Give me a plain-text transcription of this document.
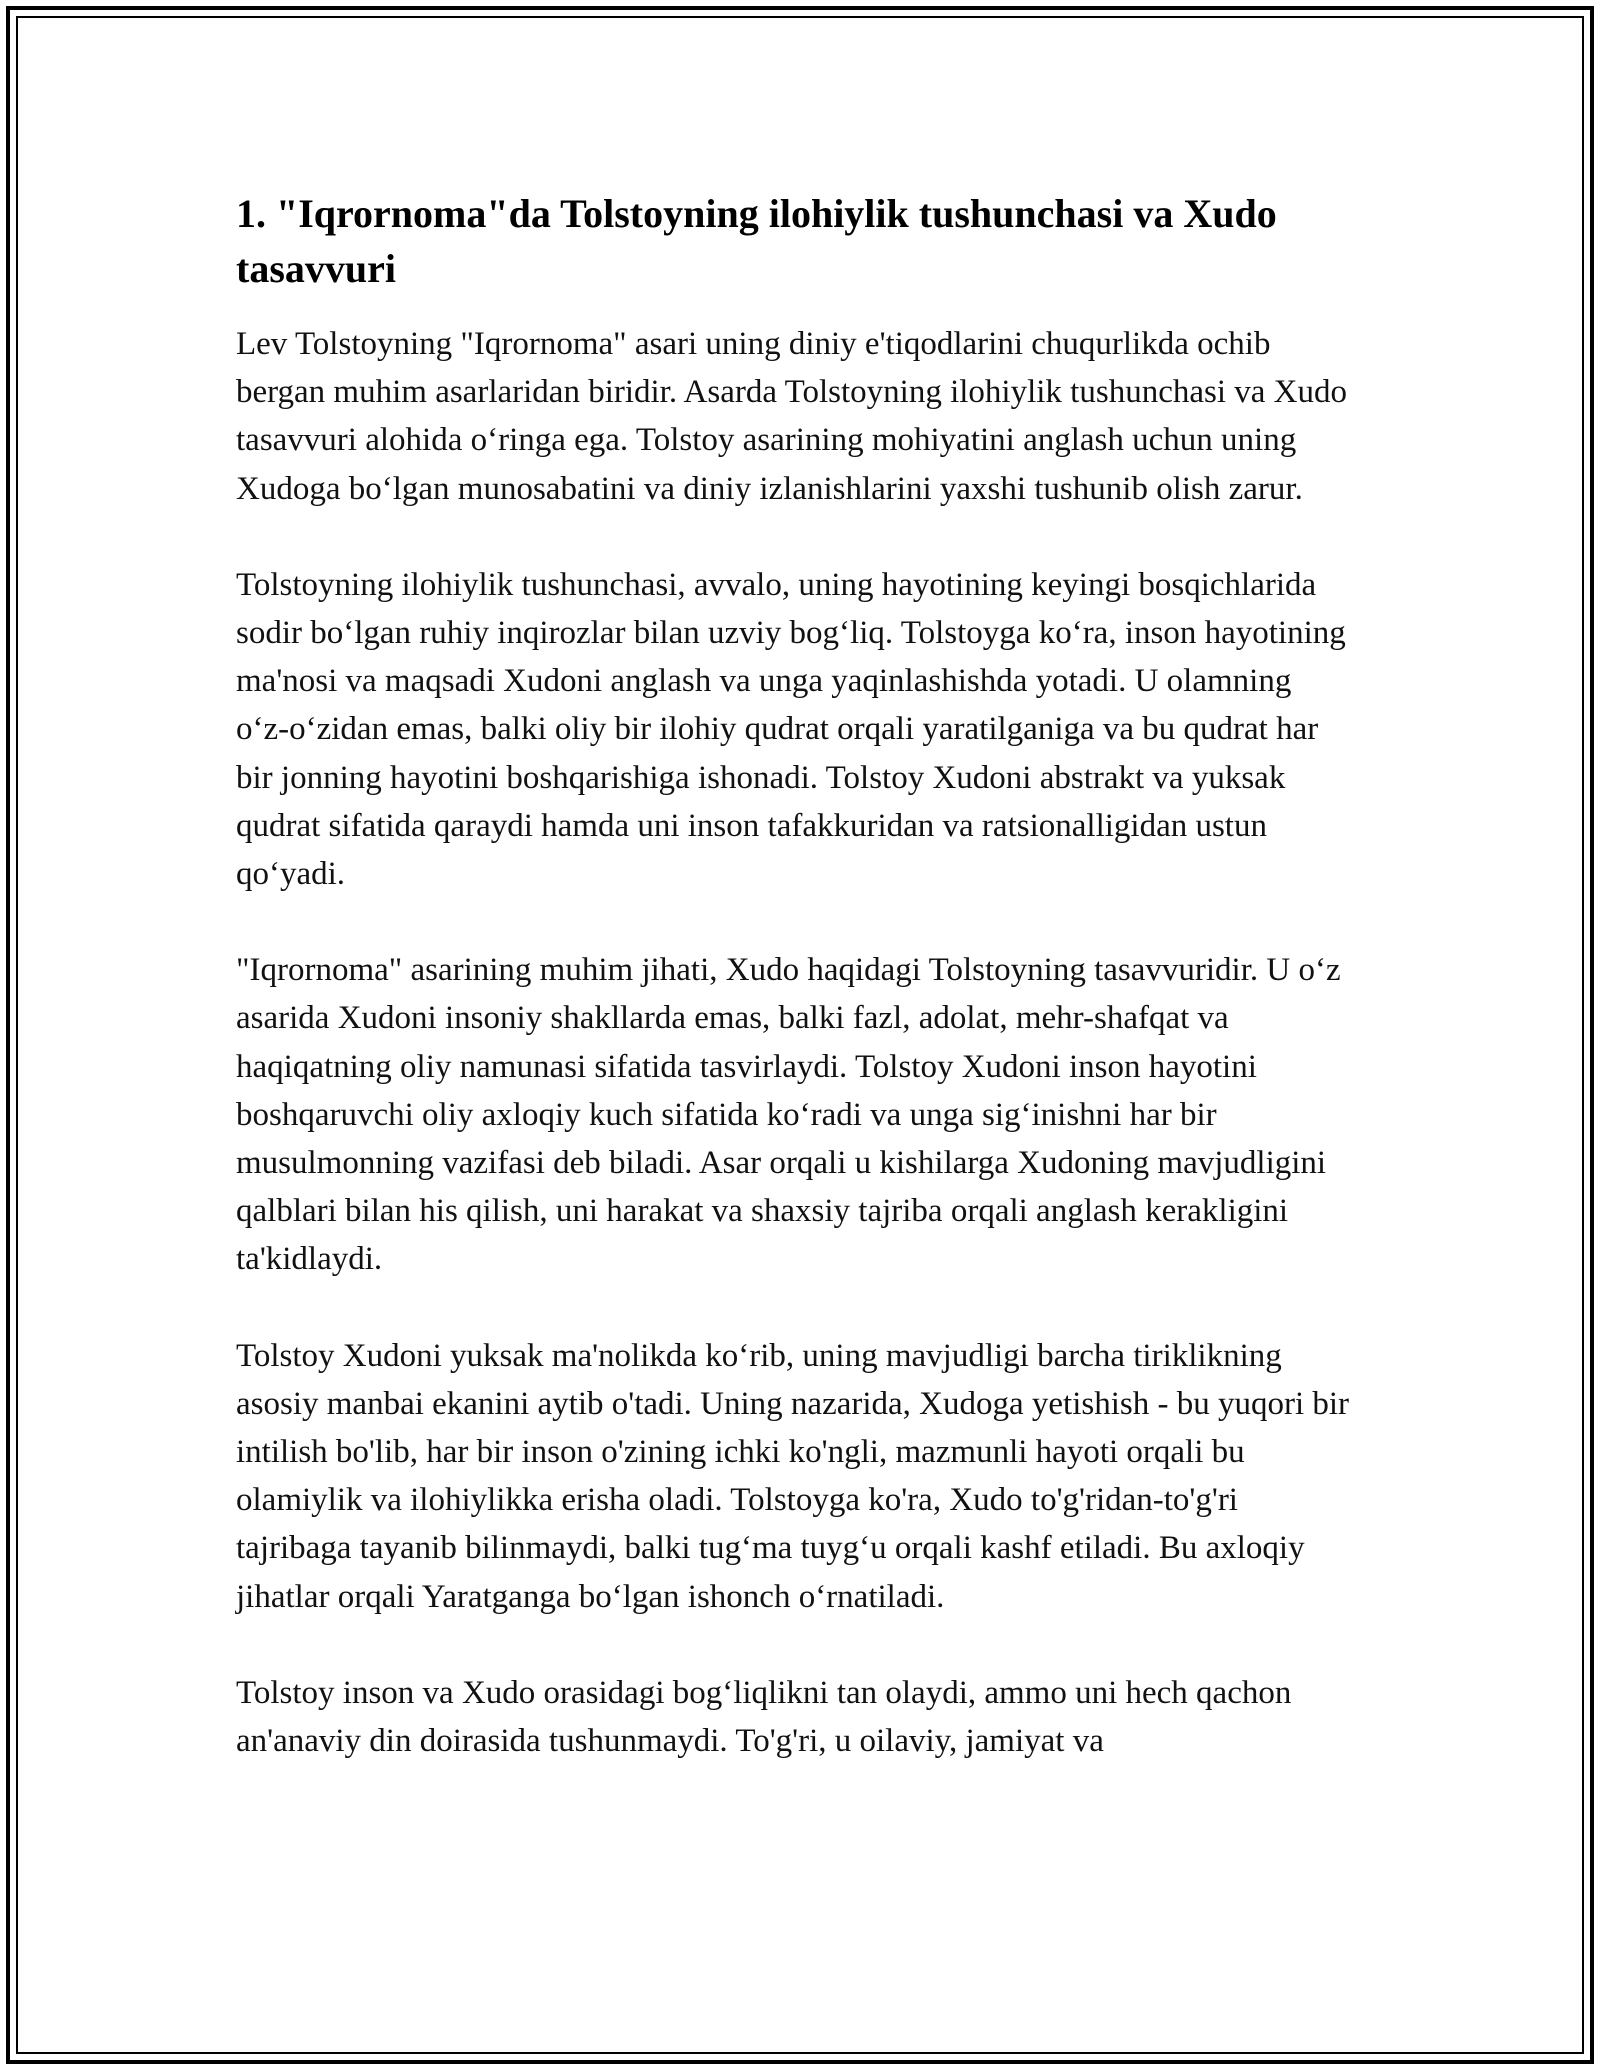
1. "Iqrornoma"da Tolstoyning ilohiylik tushunchasi va Xudo tasavvuri

Lev Tolstoyning "Iqrornoma" asari uning diniy e'tiqodlarini chuqurlikda ochib bergan muhim asarlaridan biridir. Asarda Tolstoyning ilohiylik tushunchasi va Xudo tasavvuri alohida o‘ringa ega. Tolstoy asarining mohiyatini anglash uchun uning Xudoga bo‘lgan munosabatini va diniy izlanishlarini yaxshi tushunib olish zarur.

Tolstoyning ilohiylik tushunchasi, avvalo, uning hayotining keyingi bosqichlarida sodir bo‘lgan ruhiy inqirozlar bilan uzviy bog‘liq. Tolstoyga ko‘ra, inson hayotining ma'nosi va maqsadi Xudoni anglash va unga yaqinlashishda yotadi. U olamning o‘z-o‘zidan emas, balki oliy bir ilohiy qudrat orqali yaratilganiga va bu qudrat har bir jonning hayotini boshqarishiga ishonadi. Tolstoy Xudoni abstrakt va yuksak qudrat sifatida qaraydi hamda uni inson tafakkuridan va ratsionalligidan ustun qo‘yadi.

"Iqrornoma" asarining muhim jihati, Xudo haqidagi Tolstoyning tasavvuridir. U o‘z asarida Xudoni insoniy shakllarda emas, balki fazl, adolat, mehr-shafqat va haqiqatning oliy namunasi sifatida tasvirlaydi. Tolstoy Xudoni inson hayotini boshqaruvchi oliy axloqiy kuch sifatida ko‘radi va unga sig‘inishni har bir musulmonning vazifasi deb biladi. Asar orqali u kishilarga Xudoning mavjudligini qalblari bilan his qilish, uni harakat va shaxsiy tajriba orqali anglash kerakligini ta'kidlaydi.

Tolstoy Xudoni yuksak ma'nolikda ko‘rib, uning mavjudligi barcha tiriklikning asosiy manbai ekanini aytib o'tadi. Uning nazarida, Xudoga yetishish - bu yuqori bir intilish bo'lib, har bir inson o'zining ichki ko'ngli, mazmunli hayoti orqali bu olamiylik va ilohiylikka erisha oladi. Tolstoyga ko'ra, Xudo to'g'ridan-to'g'ri tajribaga tayanib bilinmaydi, balki tug‘ma tuyg‘u orqali kashf etiladi. Bu axloqiy jihatlar orqali Yaratganga bo‘lgan ishonch o‘rnatiladi.

Tolstoy inson va Xudo orasidagi bog‘liqlikni tan olaydi, ammo uni hech qachon an'anaviy din doirasida tushunmaydi. To'g'ri, u oilaviy, jamiyat va
